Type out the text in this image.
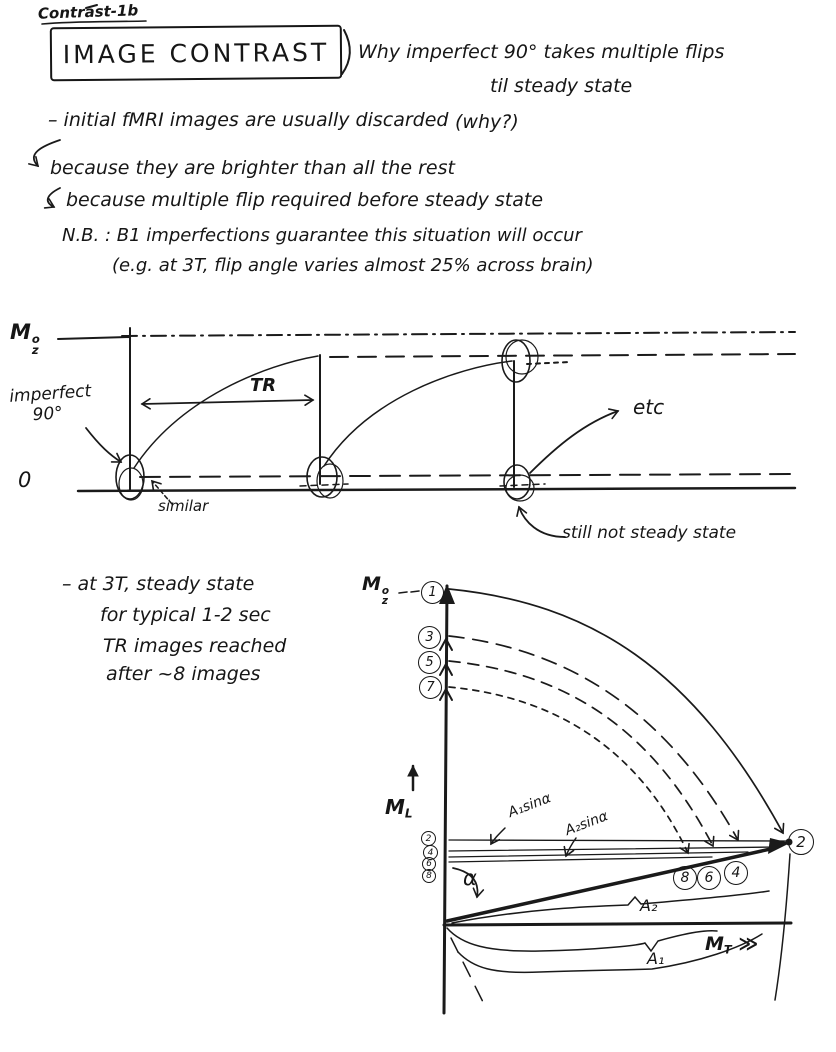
Contrast-1b
IMAGE CONTRAST Why imperfect 90° takes multiple flips
til steady state
– initial fMRI images are usually discarded (why?)
because they are brighter than all the rest
because multiple flip required before steady state
N.B. : B1 imperfections guarantee this situation will occur
(e.g. at 3T, flip angle varies almost 25% across brain)
M o
z
0
imperfect
90°
TR
similar
etc
still not steady state
– at 3T, steady state
for typical 1-2 sec
TR images reached
after ~8 images
M o
z
1
3
5
7
2
4
6
8	8	6	4
2
$M_L$	A₁sinα
A₂sinα
α
A₂
A₁
$M_T$ ≫
